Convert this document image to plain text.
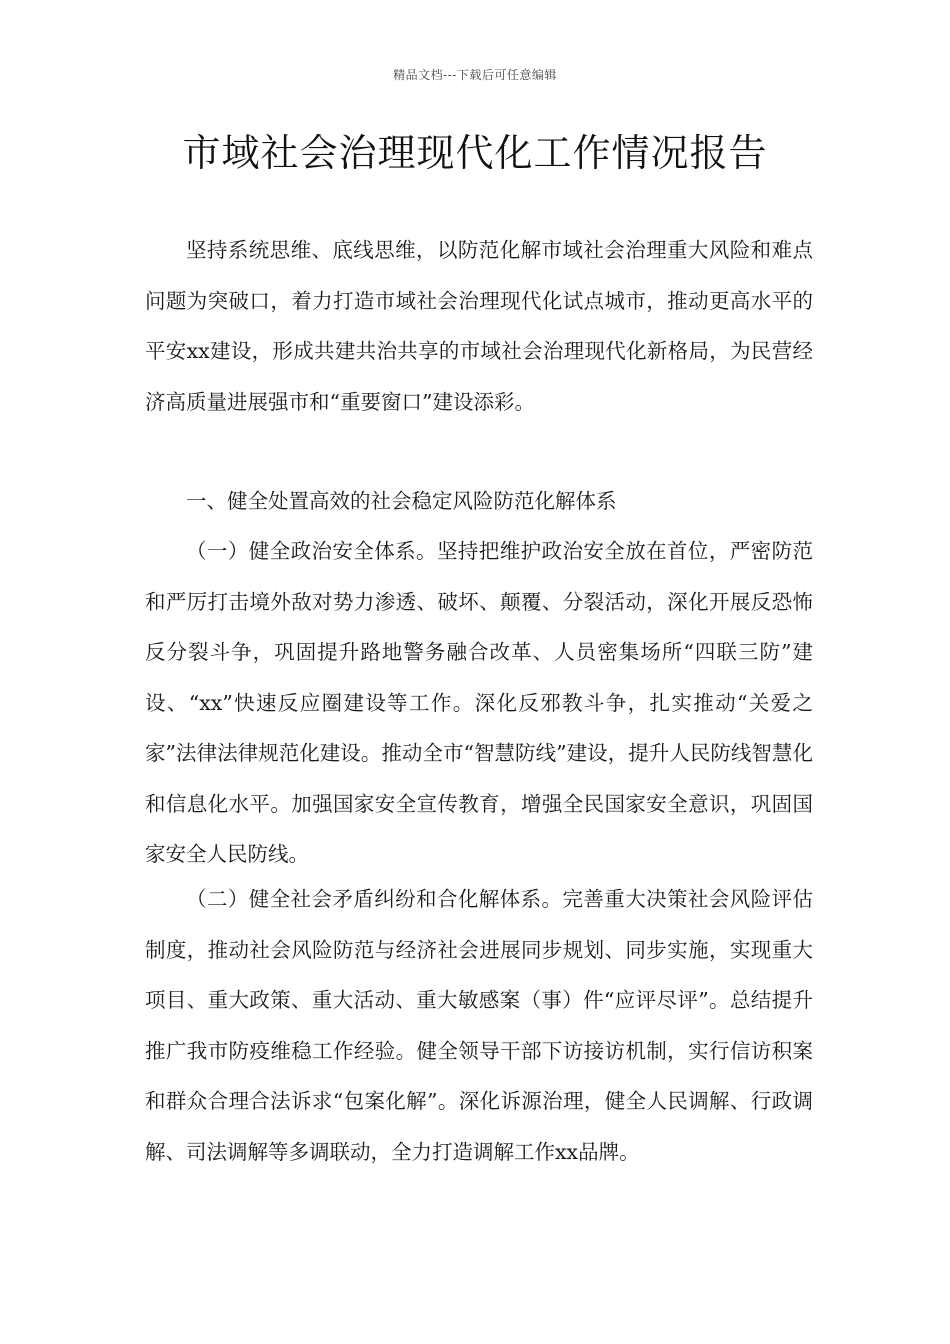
精品文档---下载后可任意编辑
市域社会治理现代化工作情况报告

坚持系统思维、底线思维，以防范化解市域社会治理重大风险和难点问题为突破口，着力打造市域社会治理现代化试点城市，推动更高水平的平安xx建设，形成共建共治共享的市域社会治理现代化新格局，为民营经济高质量进展强市和“重要窗口”建设添彩。

一、健全处置高效的社会稳定风险防范化解体系

（一）健全政治安全体系。坚持把维护政治安全放在首位，严密防范和严厉打击境外敌对势力渗透、破坏、颠覆、分裂活动，深化开展反恐怖反分裂斗争，巩固提升路地警务融合改革、人员密集场所“四联三防”建设、“xx”快速反应圈建设等工作。深化反邪教斗争，扎实推动“关爱之家”法律法律规范化建设。推动全市“智慧防线”建设，提升人民防线智慧化和信息化水平。加强国家安全宣传教育，增强全民国家安全意识，巩固国家安全人民防线。

（二）健全社会矛盾纠纷和合化解体系。完善重大决策社会风险评估制度，推动社会风险防范与经济社会进展同步规划、同步实施，实现重大项目、重大政策、重大活动、重大敏感案（事）件“应评尽评”。总结提升推广我市防疫维稳工作经验。健全领导干部下访接访机制，实行信访积案和群众合理合法诉求“包案化解”。深化诉源治理，健全人民调解、行政调解、司法调解等多调联动，全力打造调解工作xx品牌。
